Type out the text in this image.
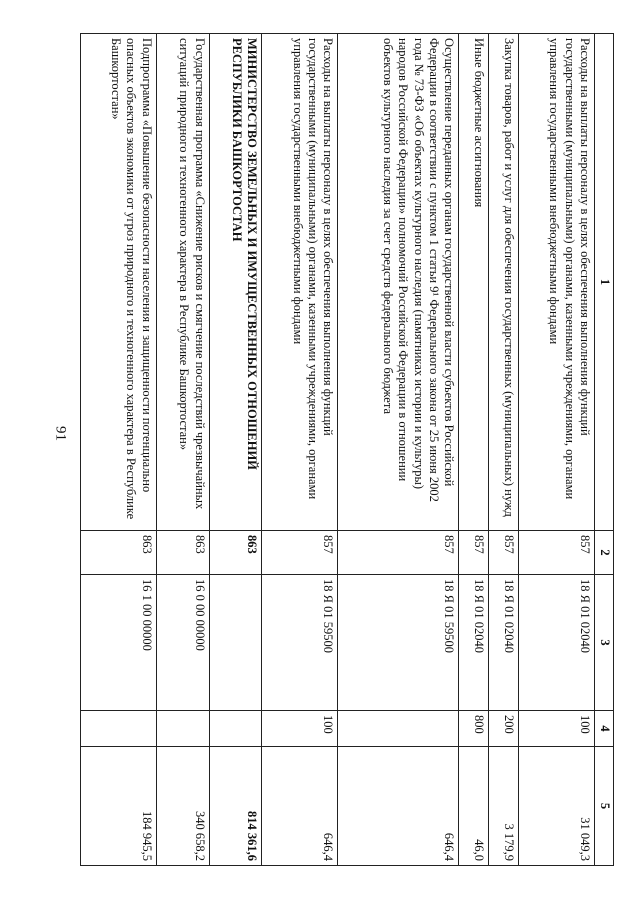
91
1	2	3	4	5
Расходы на выплаты персоналу в целях обеспечения выполнения функций государственными (муниципальными) органами, казенными учреждениями, органами управления государственными внебюджетными фондами	857	18 Я 01 02040	100	31 049,3
Закупка товаров, работ и услуг для обеспечения государственных (муниципальных) нужд	857	18 Я 01 02040	200	3 179,9
Иные бюджетные ассигнования	857	18 Я 01 02040	800	46,0
Осуществление переданных органам государственной власти субъектов Российской Федерации в соответствии с пунктом 1 статьи 9¹ Федерального закона от 25 июня 2002 года № 73-ФЗ «Об объектах культурного наследия (памятниках истории и культуры) народов Российской Федерации» полномочий Российской Федерации в отношении объектов культурного наследия за счет средств федерального бюджета	857	18 Я 01 59500		646,4
Расходы на выплаты персоналу в целях обеспечения выполнения функций государственными (муниципальными) органами, казенными учреждениями, органами управления государственными внебюджетными фондами	857	18 Я 01 59500	100	646,4
МИНИСТЕРСТВО ЗЕМЕЛЬНЫХ И ИМУЩЕСТВЕННЫХ ОТНОШЕНИЙ РЕСПУБЛИКИ БАШКОРТОСТАН	863			814 361,6
Государственная программа «Снижение рисков и смягчение последствий чрезвычайных ситуаций природного и техногенного характера в Республике Башкортостан»	863	16 0 00 00000		340 658,2
Подпрограмма «Повышение безопасности населения и защищенности потенциально опасных объектов экономики от угроз природного и техногенного характера в Республике Башкортостан»	863	16 1 00 00000		184 945,5
